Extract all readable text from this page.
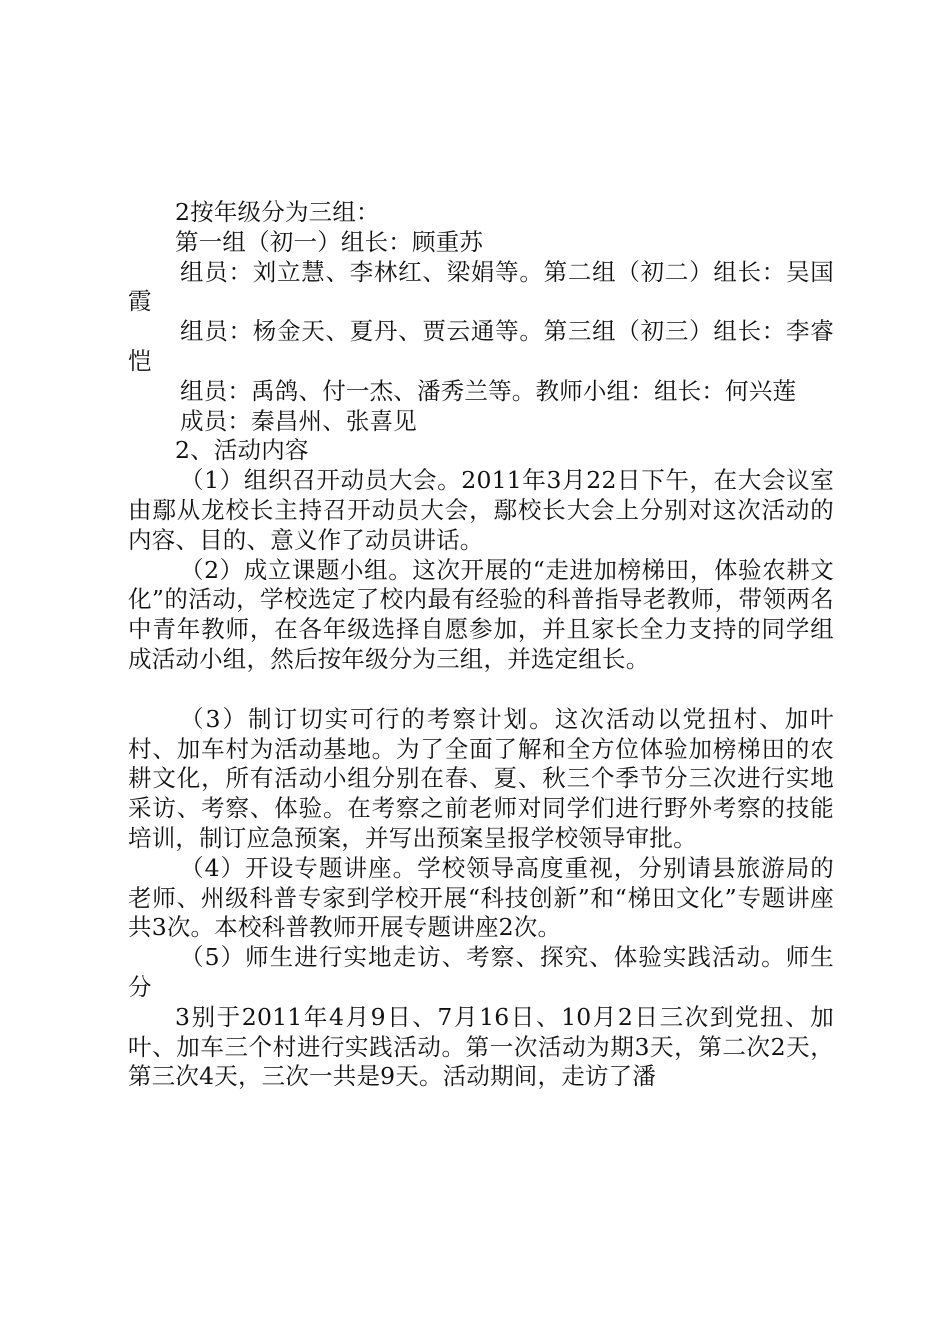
2按年级分为三组：

第一组（初一）组长：顾重苏

组员：刘立慧、李林红、梁娟等。第二组（初二）组长：吴国霞

组员：杨金天、夏丹、贾云通等。第三组（初三）组长：李睿恺

组员：禹鸽、付一杰、潘秀兰等。教师小组：组长：何兴莲

成员：秦昌州、张喜见

2、活动内容

（1）组织召开动员大会。2011年3月22日下午，在大会议室由鄢从龙校长主持召开动员大会，鄢校长大会上分别对这次活动的内容、目的、意义作了动员讲话。

（2）成立课题小组。这次开展的“走进加榜梯田，体验农耕文化”的活动，学校选定了校内最有经验的科普指导老教师，带领两名中青年教师，在各年级选择自愿参加，并且家长全力支持的同学组成活动小组，然后按年级分为三组，并选定组长。

（3）制订切实可行的考察计划。这次活动以党扭村、加叶村、加车村为活动基地。为了全面了解和全方位体验加榜梯田的农耕文化，所有活动小组分别在春、夏、秋三个季节分三次进行实地采访、考察、体验。在考察之前老师对同学们进行野外考察的技能培训，制订应急预案，并写出预案呈报学校领导审批。

（4）开设专题讲座。学校领导高度重视，分别请县旅游局的老师、州级科普专家到学校开展“科技创新”和“梯田文化”专题讲座共3次。本校科普教师开展专题讲座2次。

（5）师生进行实地走访、考察、探究、体验实践活动。师生分

3别于2011年4月9日、7月16日、10月2日三次到党扭、加叶、加车三个村进行实践活动。第一次活动为期3天，第二次2天，第三次4天，三次一共是9天。活动期间，走访了潘
